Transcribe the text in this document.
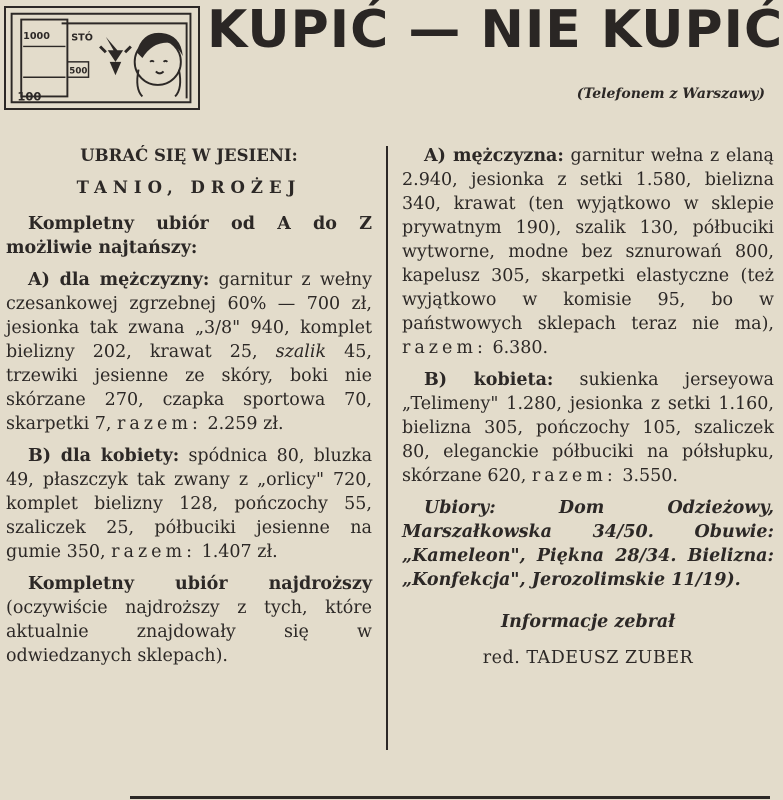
1000 STÓ
500
100
KUPIĆ — NIE KUPIĆ
(Telefonem z Warszawy)
UBRAĆ SIĘ W JESIENI:
TANIO, DROŻEJ

Kompletny ubiór od A do Z możliwie najtańszy:

A) dla mężczyzny: garnitur z wełny czesankowej zgrzebnej 60% — 700 zł, jesionka tak zwana „3/8" 940, komplet bielizny 202, krawat 25, szalik 45, trzewiki jesienne ze skóry, boki nie skórzane 270, czapka sportowa 70, skarpetki 7, razem: 2.259 zł.

B) dla kobiety: spódnica 80, bluzka 49, płaszczyk tak zwany z „orlicy" 720, komplet bielizny 128, pończochy 55, szaliczek 25, półbuciki jesienne na gumie 350, razem: 1.407 zł.

Kompletny ubiór najdroższy (oczywiście najdroższy z tych, które aktualnie znajdowały się w odwiedzanych sklepach).

A) mężczyzna: garnitur wełna z elaną 2.940, jesionka z setki 1.580, bielizna 340, krawat (ten wyjątkowo w sklepie prywatnym 190), szalik 130, półbuciki wytworne, modne bez sznurowań 800, kapelusz 305, skarpetki elastyczne (też wyjątkowo w komisie 95, bo w państwowych sklepach teraz nie ma), razem: 6.380.

B) kobieta: sukienka jerseyowa „Telimeny" 1.280, jesionka z setki 1.160, bielizna 305, pończochy 105, szaliczek 80, eleganckie półbuciki na półsłupku, skórzane 620, razem: 3.550.

Ubiory: Dom Odzieżowy, Marszałkowska 34/50. Obuwie: „Kameleon", Piękna 28/34. Bielizna: „Konfekcja", Jerozolimskie 11/19).

Informacje zebrał
red. TADEUSZ ZUBER
